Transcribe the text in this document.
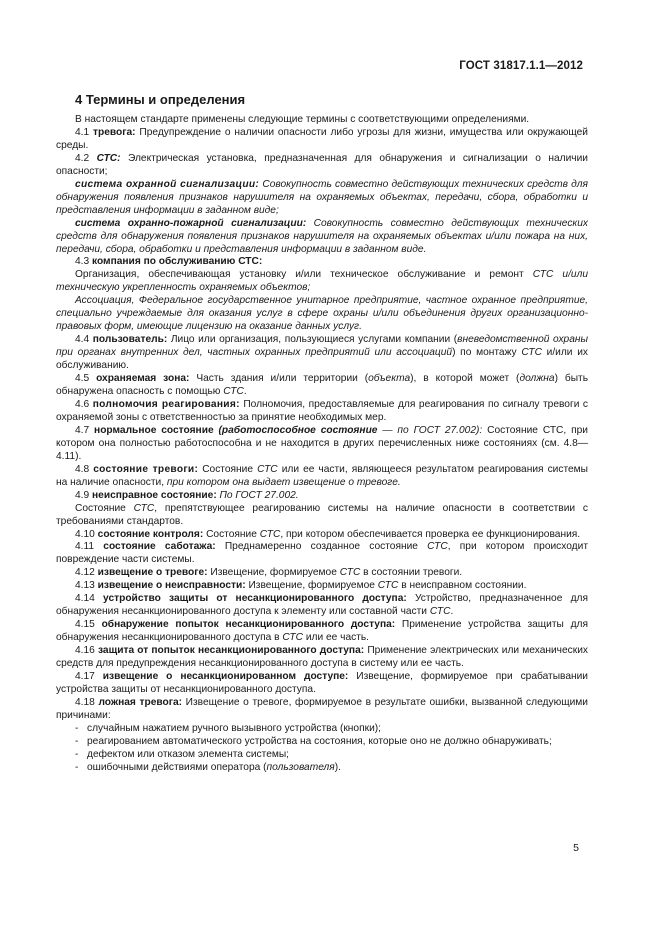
ГОСТ 31817.1.1—2012
4 Термины и определения

В настоящем стандарте применены следующие термины с соответствующими определениями.

4.1 тревога: Предупреждение о наличии опасности либо угрозы для жизни, имущества или окружающей среды.

4.2 СТС: Электрическая установка, предназначенная для обнаружения и сигнализации о наличии опасности;

система охранной сигнализации: Совокупность совместно действующих технических средств для обнаружения появления признаков нарушителя на охраняемых объектах, передачи, сбора, обработки и представления информации в заданном виде;

система охранно-пожарной сигнализации: Совокупность совместно действующих технических средств для обнаружения появления признаков нарушителя на охраняемых объектах и/или пожара на них, передачи, сбора, обработки и представления информации в заданном виде.

4.3 компания по обслуживанию СТС:

Организация, обеспечивающая установку и/или техническое обслуживание и ремонт СТС и/или техническую укрепленность охраняемых объектов;

Ассоциация, Федеральное государственное унитарное предприятие, частное охранное предприятие, специально учреждаемые для оказания услуг в сфере охраны и/или объединения других организационно-правовых форм, имеющие лицензию на оказание данных услуг.

4.4 пользователь: Лицо или организация, пользующиеся услугами компании (вневедомственной охраны при органах внутренних дел, частных охранных предприятий или ассоциаций) по монтажу СТС и/или их обслуживанию.

4.5 охраняемая зона: Часть здания и/или территории (объекта), в которой может (должна) быть обнаружена опасность с помощью СТС.

4.6 полномочия реагирования: Полномочия, предоставляемые для реагирования по сигналу тревоги с охраняемой зоны с ответственностью за принятие необходимых мер.

4.7 нормальное состояние (работоспособное состояние — по ГОСТ 27.002): Состояние СТС, при котором она полностью работоспособна и не находится в других перечисленных ниже состояниях (см. 4.8—4.11).

4.8 состояние тревоги: Состояние СТС или ее части, являющееся результатом реагирования системы на наличие опасности, при котором она выдает извещение о тревоге.

4.9 неисправное состояние: По ГОСТ 27.002.

Состояние СТС, препятствующее реагированию системы на наличие опасности в соответствии с требованиями стандартов.

4.10 состояние контроля: Состояние СТС, при котором обеспечивается проверка ее функционирования.

4.11 состояние саботажа: Преднамеренно созданное состояние СТС, при котором происходит повреждение части системы.

4.12 извещение о тревоге: Извещение, формируемое СТС в состоянии тревоги.

4.13 извещение о неисправности: Извещение, формируемое СТС в неисправном состоянии.

4.14 устройство защиты от несанкционированного доступа: Устройство, предназначенное для обнаружения несанкционированного доступа к элементу или составной части СТС.

4.15 обнаружение попыток несанкционированного доступа: Применение устройства защиты для обнаружения несанкционированного доступа в СТС или ее часть.

4.16 защита от попыток несанкционированного доступа: Применение электрических или механических средств для предупреждения несанкционированного доступа в систему или ее часть.

4.17 извещение о несанкционированном доступе: Извещение, формируемое при срабатывании устройства защиты от несанкционированного доступа.

4.18 ложная тревога: Извещение о тревоге, формируемое в результате ошибки, вызванной следующими причинами:

- случайным нажатием ручного вызывного устройства (кнопки);

- реагированием автоматического устройства на состояния, которые оно не должно обнаруживать;

- дефектом или отказом элемента системы;

- ошибочными действиями оператора (пользователя).

5
